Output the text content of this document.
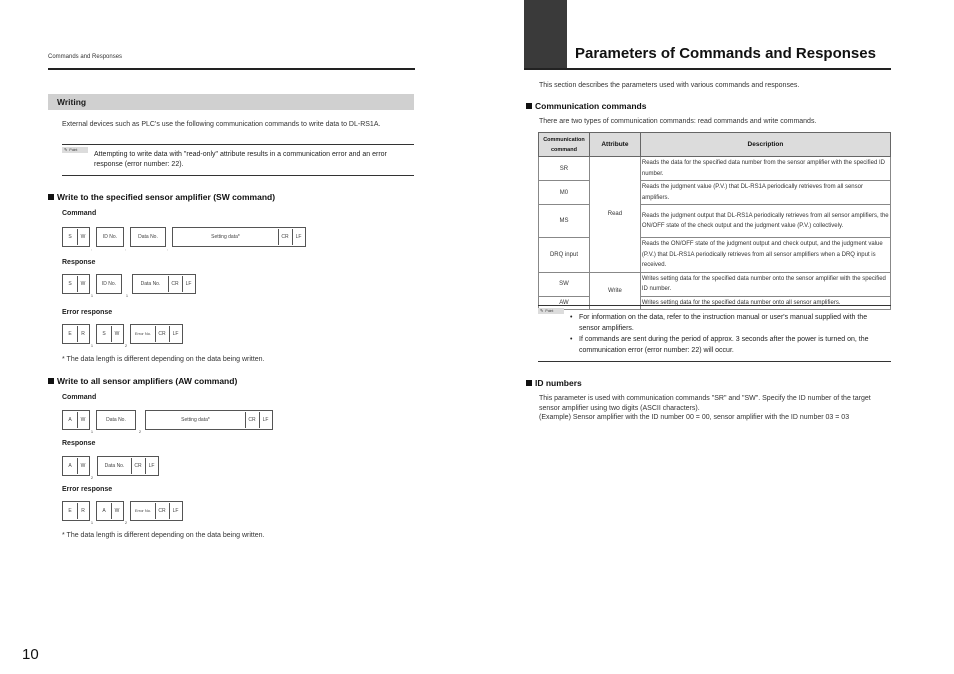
Commands and Responses
Writing
External devices such as PLC's use the following communication commands to write data to DL-RS1A.
✎ Point
Attempting to write data with "read-only" attribute results in a communication error and an error response (error number: 22).
Write to the specified sensor amplifier (SW command)
Command
S	W	ID No.	Data No.	Setting data*	CR	LF
,	,	,
Response
S	W	ID No.	Data No.	CR	LF
1	1
Error response
E	R	S	W	Error No.	CR	LF
1	2
* The data length is different depending on the data being written.
Write to all sensor amplifiers (AW command)
Command
A	W	Data No.	Setting data*	CR	LF
1	2
Response
A	W	Data No.	CR	LF
2
Error response
E	R	A	W	Error No.	CR	LF
1	2
* The data length is different depending on the data being written.
10
Parameters of Commands and Responses
This section describes the parameters used with various commands and responses.
Communication commands
There are two types of communication commands: read commands and write commands.
Communication command	Attribute	Description
SR	Read	Reads the data for the specified data number from the sensor amplifier with the specified ID number.
M0		Reads the judgment value (P.V.) that DL-RS1A periodically retrieves from all sensor amplifiers.
MS		Reads the judgment output that DL-RS1A periodically retrieves from all sensor amplifiers, the ON/OFF state of the check output and the judgment value (P.V.) collectively.
DRQ input		Reads the ON/OFF state of the judgment output and check output, and the judgment value (P.V.) that DL-RS1A periodically retrieves from all sensor amplifiers when a DRQ input is received.
SW	Write	Writes setting data for the specified data number onto the sensor amplifier with the specified ID number.
AW		Writes setting data for the specified data number onto all sensor amplifiers.
✎ Point
• For information on the data, refer to the instruction manual or user's manual supplied with the sensor amplifiers.
• If commands are sent during the period of approx. 3 seconds after the power is turned on, the communication error (error number: 22) will occur.
ID numbers
This parameter is used with communication commands "SR" and "SW". Specify the ID number of the target sensor amplifier using two digits (ASCII characters).
(Example) Sensor amplifier with the ID number 00 = 00, sensor amplifier with the ID number 03 = 03
